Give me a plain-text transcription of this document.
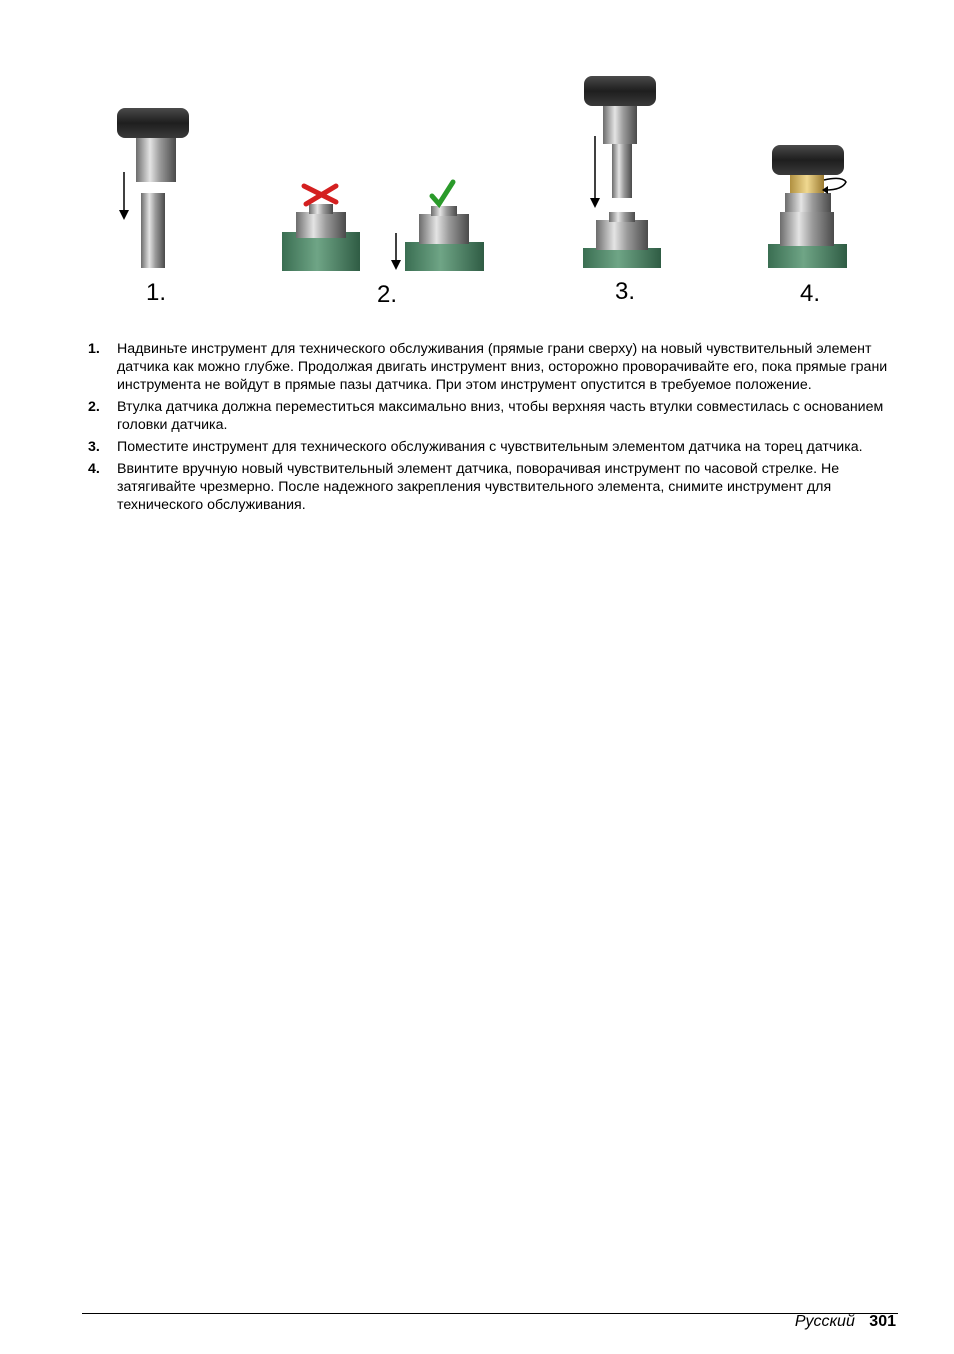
1.	2.	3.	4.
1. Надвиньте инструмент для технического обслуживания (прямые грани сверху) на новый чувствительный элемент датчика как можно глубже. Продолжая двигать инструмент вниз, осторожно проворачивайте его, пока прямые грани инструмента не войдут в прямые пазы датчика. При этом инструмент опустится в требуемое положение.
2. Втулка датчика должна переместиться максимально вниз, чтобы верхняя часть втулки совместилась с основанием головки датчика.
3. Поместите инструмент для технического обслуживания с чувствительным элементом датчика на торец датчика.
4. Ввинтите вручную новый чувствительный элемент датчика, поворачивая инструмент по часовой стрелке. Не затягивайте чрезмерно. После надежного закрепления чувствительного элемента, снимите инструмент для технического обслуживания.
Русский 301
